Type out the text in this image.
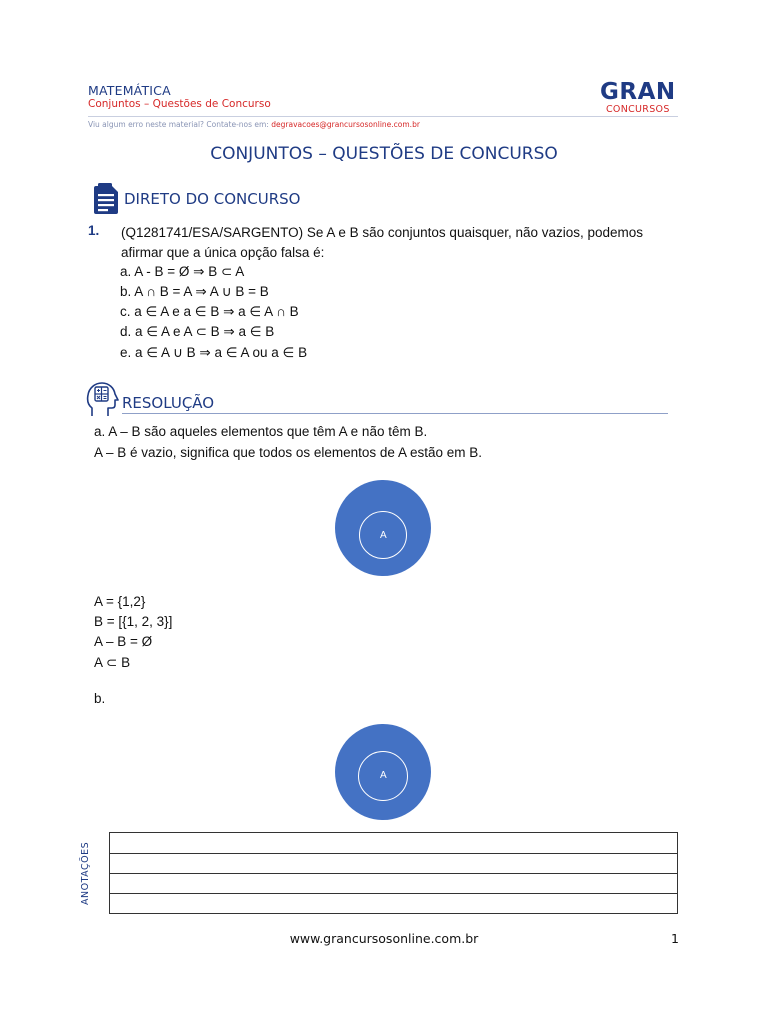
MATEMÁTICA
Conjuntos – Questões de Concurso
Viu algum erro neste material? Contate-nos em: degravacoes@grancursosonline.com.br
GRAN
CONCURSOS
CONJUNTOS – QUESTÕES DE CONCURSO
DIRETO DO CONCURSO
1. (Q1281741/ESA/SARGENTO) Se A e B são conjuntos quaisquer, não vazios, podemos
afirmar que a única opção falsa é:
a. A - B = Ø ⇒ B ⊂ A
b. A ∩ B = A ⇒ A ∪ B = B
c. a ∈ A e a ∈ B ⇒ a ∈ A ∩ B
d. a ∈ A e A ⊂ B ⇒ a ∈ B
e. a ∈ A ∪ B ⇒ a ∈ A ou a ∈ B
RESOLUÇÃO
a. A – B são aqueles elementos que têm A e não têm B.
A – B é vazio, significa que todos os elementos de A estão em B.
A
A = {1,2}
B = [{1, 2, 3}]
A – B = Ø
A ⊂ B
b.
A
ANOTAÇÕES
www.grancursosonline.com.br	1
